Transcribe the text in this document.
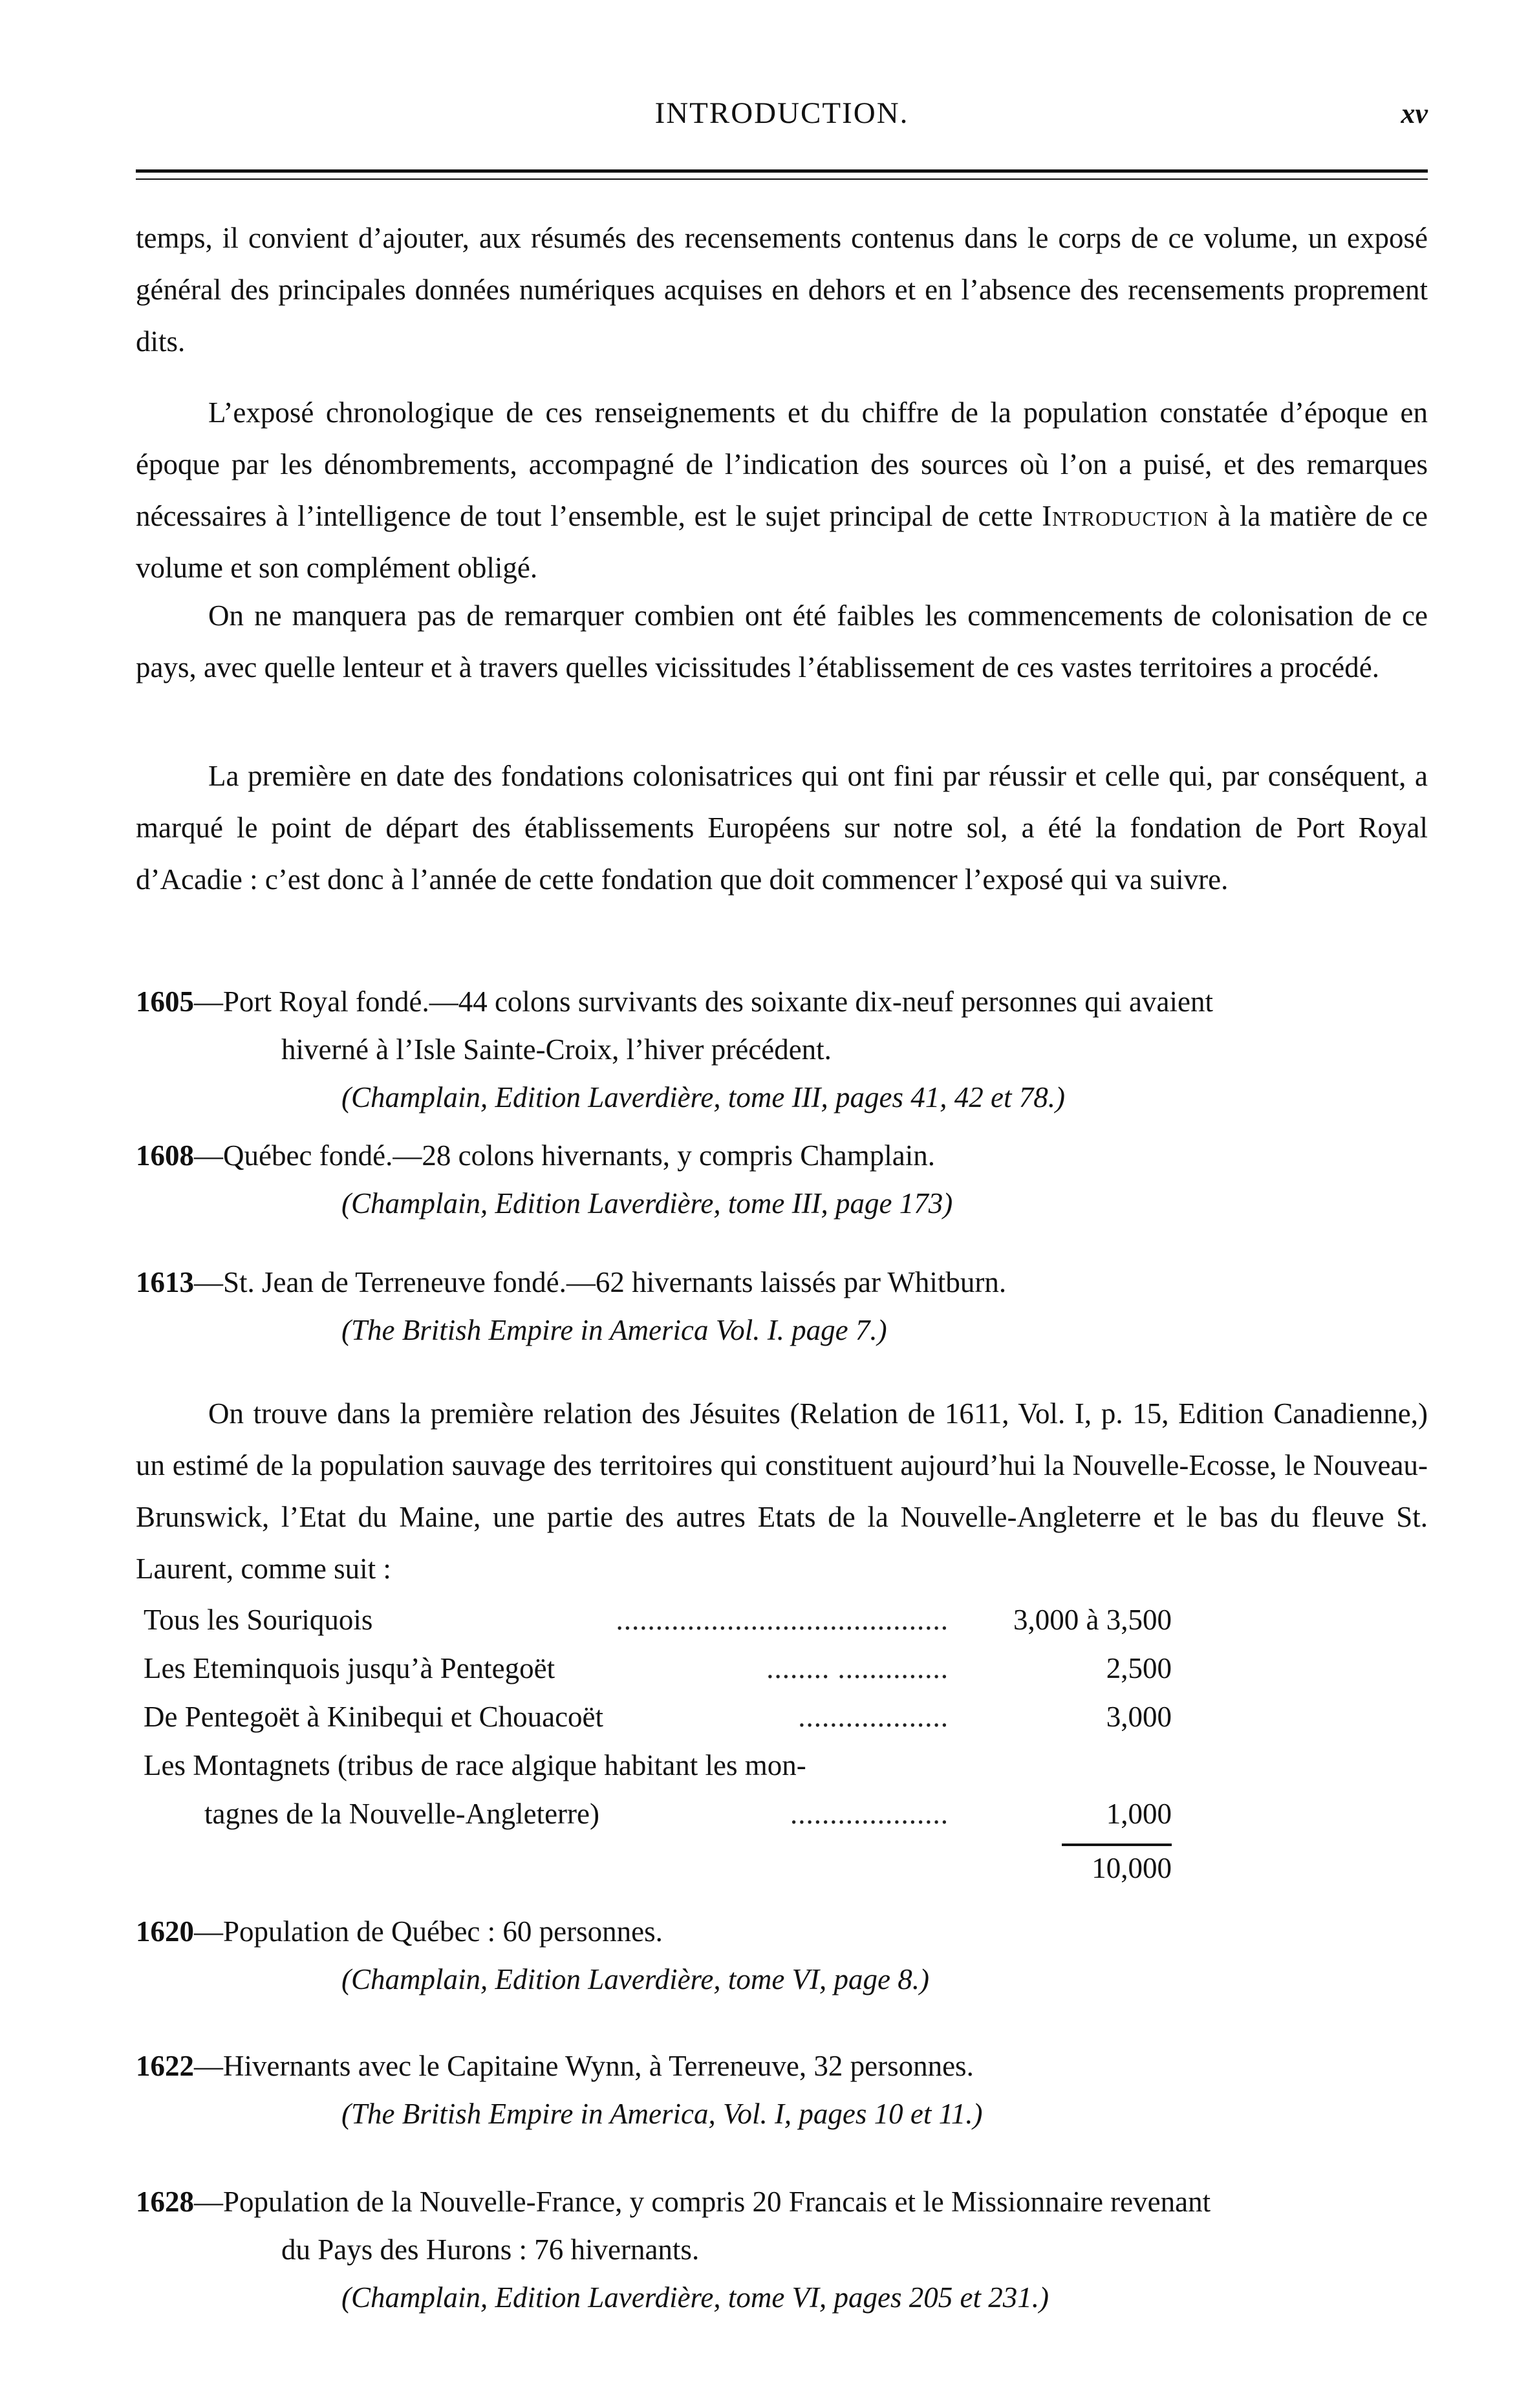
INTRODUCTION.	xv

temps, il convient d’ajouter, aux résumés des recensements contenus dans le corps de ce volume, un exposé général des principales données numériques acquises en dehors et en l’absence des recensements proprement dits.

L’exposé chronologique de ces renseignements et du chiffre de la population constatée d’époque en époque par les dénombrements, accompagné de l’indication des sources où l’on a puisé, et des remarques nécessaires à l’intelligence de tout l’ensemble, est le sujet principal de cette Introduction à la matière de ce volume et son complément obligé.

On ne manquera pas de remarquer combien ont été faibles les commencements de colonisation de ce pays, avec quelle lenteur et à travers quelles vicissitudes l’établissement de ces vastes territoires a procédé.

La première en date des fondations colonisatrices qui ont fini par réussir et celle qui, par conséquent, a marqué le point de départ des établissements Européens sur notre sol, a été la fondation de Port Royal d’Acadie : c’est donc à l’année de cette fondation que doit commencer l’exposé qui va suivre.

1605—Port Royal fondé.—44 colons survivants des soixante dix-neuf personnes qui avaient

hiverné à l’Isle Sainte-Croix, l’hiver précédent.

(Champlain, Edition Laverdière, tome III, pages 41, 42 et 78.)

1608—Québec fondé.—28 colons hivernants, y compris Champlain.

(Champlain, Edition Laverdière, tome III, page 173)

1613—St. Jean de Terreneuve fondé.—62 hivernants laissés par Whitburn.

(The British Empire in America Vol. I. page 7.)

On trouve dans la première relation des Jésuites (Relation de 1611, Vol. I, p. 15, Edition Canadienne,) un estimé de la population sauvage des territoires qui constituent aujourd’hui la Nouvelle-Ecosse, le Nouveau-Brunswick, l’Etat du Maine, une partie des autres Etats de la Nouvelle-Angleterre et le bas du fleuve St. Laurent, comme suit :

Tous les Souriquois	.......................................... 3,000 à 3,500
Les Eteminquois jusqu’à Pentegoët	........ ..............	2,500
De Pentegoët à Kinibequi et Chouacoët	...................	3,000
Les Montagnets (tribus de race algique habitant les mon-
tagnes de la Nouvelle-Angleterre)	....................	1,000
10,000

1620—Population de Québec : 60 personnes.

(Champlain, Edition Laverdière, tome VI, page 8.)

1622—Hivernants avec le Capitaine Wynn, à Terreneuve, 32 personnes.

(The British Empire in America, Vol. I, pages 10 et 11.)

1628—Population de la Nouvelle-France, y compris 20 Francais et le Missionnaire revenant

du Pays des Hurons : 76 hivernants.

(Champlain, Edition Laverdière, tome VI, pages 205 et 231.)
